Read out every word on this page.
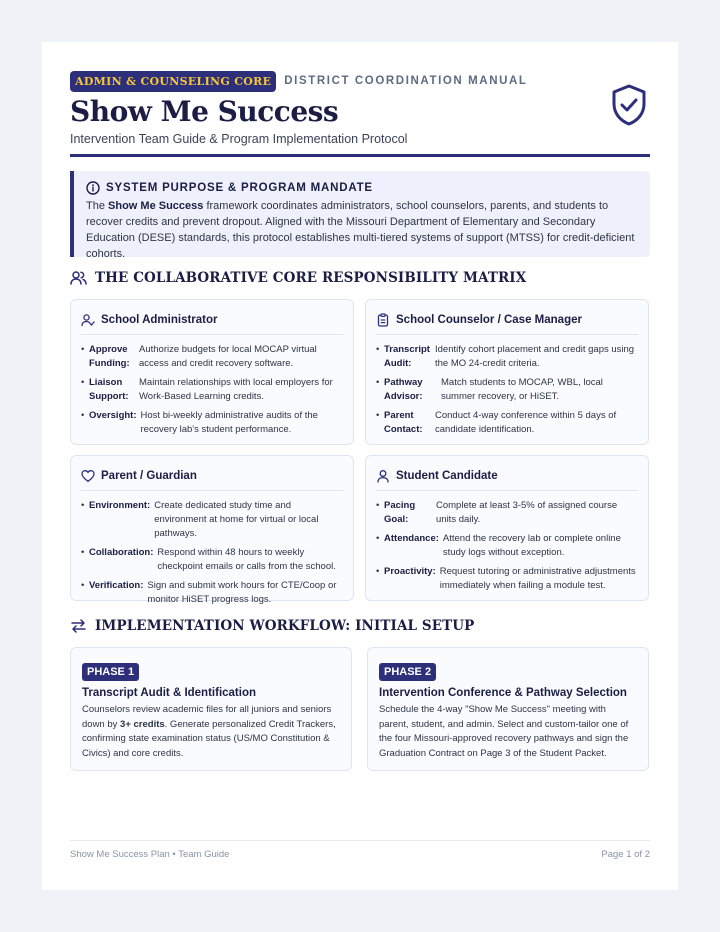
ADMIN & COUNSELING CORE	DISTRICT COORDINATION MANUAL
Show Me Success
Intervention Team Guide & Program Implementation Protocol
SYSTEM PURPOSE & PROGRAM MANDATE
The Show Me Success framework coordinates administrators, school counselors, parents, and students to recover credits and prevent dropout. Aligned with the Missouri Department of Elementary and Secondary Education (DESE) standards, this protocol establishes multi-tiered systems of support (MTSS) for credit-deficient cohorts.
THE COLLABORATIVE CORE RESPONSIBILITY MATRIX
School Administrator
• Approve Funding:
Authorize budgets for local MOCAP virtual access and credit recovery software.
• Liaison Support:
Maintain relationships with local employers for Work-Based Learning credits.
• Oversight: Host bi-weekly administrative audits of the recovery lab's student performance.
School Counselor / Case Manager
• Transcript Audit:
Identify cohort placement and credit gaps using the MO 24-credit criteria.
• Pathway Advisor:
Match students to MOCAP, WBL, local summer recovery, or HiSET.
• Parent Contact:
Conduct 4-way conference within 5 days of candidate identification.
Parent / Guardian
• Environment: Create dedicated study time and environment at home for virtual or local pathways.
• Collaboration: Respond within 48 hours to weekly checkpoint emails or calls from the school.
• Verification: Sign and submit work hours for CTE/Coop or monitor HiSET progress logs.
Student Candidate
• Pacing Goal:
Complete at least 3-5% of assigned course units daily.
• Attendance: Attend the recovery lab or complete online study logs without exception.
• Proactivity: Request tutoring or administrative adjustments immediately when failing a module test.
IMPLEMENTATION WORKFLOW: INITIAL SETUP
PHASE 1
Transcript Audit & Identification
Counselors review academic files for all juniors and seniors down by 3+ credits. Generate personalized Credit Trackers, confirming state examination status (US/MO Constitution & Civics) and core credits.
PHASE 2
Intervention Conference & Pathway Selection
Schedule the 4-way "Show Me Success" meeting with parent, student, and admin. Select and custom-tailor one of the four Missouri-approved recovery pathways and sign the Graduation Contract on Page 3 of the Student Packet.
Show Me Success Plan • Team Guide	Page 1 of 2
